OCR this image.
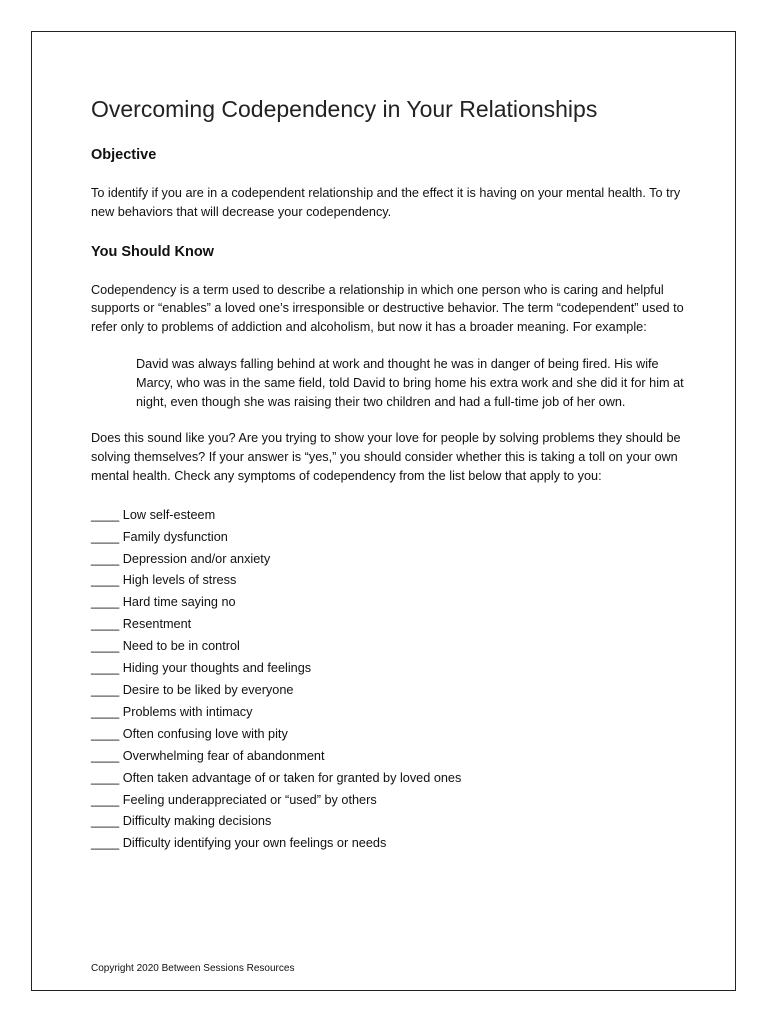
Overcoming Codependency in Your Relationships
Objective

To identify if you are in a codependent relationship and the effect it is having on your mental health. To try new behaviors that will decrease your codependency.

You Should Know

Codependency is a term used to describe a relationship in which one person who is caring and helpful supports or “enables” a loved one’s irresponsible or destructive behavior. The term “codependent” used to refer only to problems of addiction and alcoholism, but now it has a broader meaning. For example:

David was always falling behind at work and thought he was in danger of being fired. His wife Marcy, who was in the same field, told David to bring home his extra work and she did it for him at night, even though she was raising their two children and had a full-time job of her own.

Does this sound like you? Are you trying to show your love for people by solving problems they should be solving themselves? If your answer is “yes,” you should consider whether this is taking a toll on your own mental health. Check any symptoms of codependency from the list below that apply to you:

____ Low self-esteem
____ Family dysfunction
____ Depression and/or anxiety
____ High levels of stress
____ Hard time saying no
____ Resentment
____ Need to be in control
____ Hiding your thoughts and feelings
____ Desire to be liked by everyone
____ Problems with intimacy
____ Often confusing love with pity
____ Overwhelming fear of abandonment
____ Often taken advantage of or taken for granted by loved ones
____ Feeling underappreciated or “used” by others
____ Difficulty making decisions
____ Difficulty identifying your own feelings or needs
Copyright 2020 Between Sessions Resources
